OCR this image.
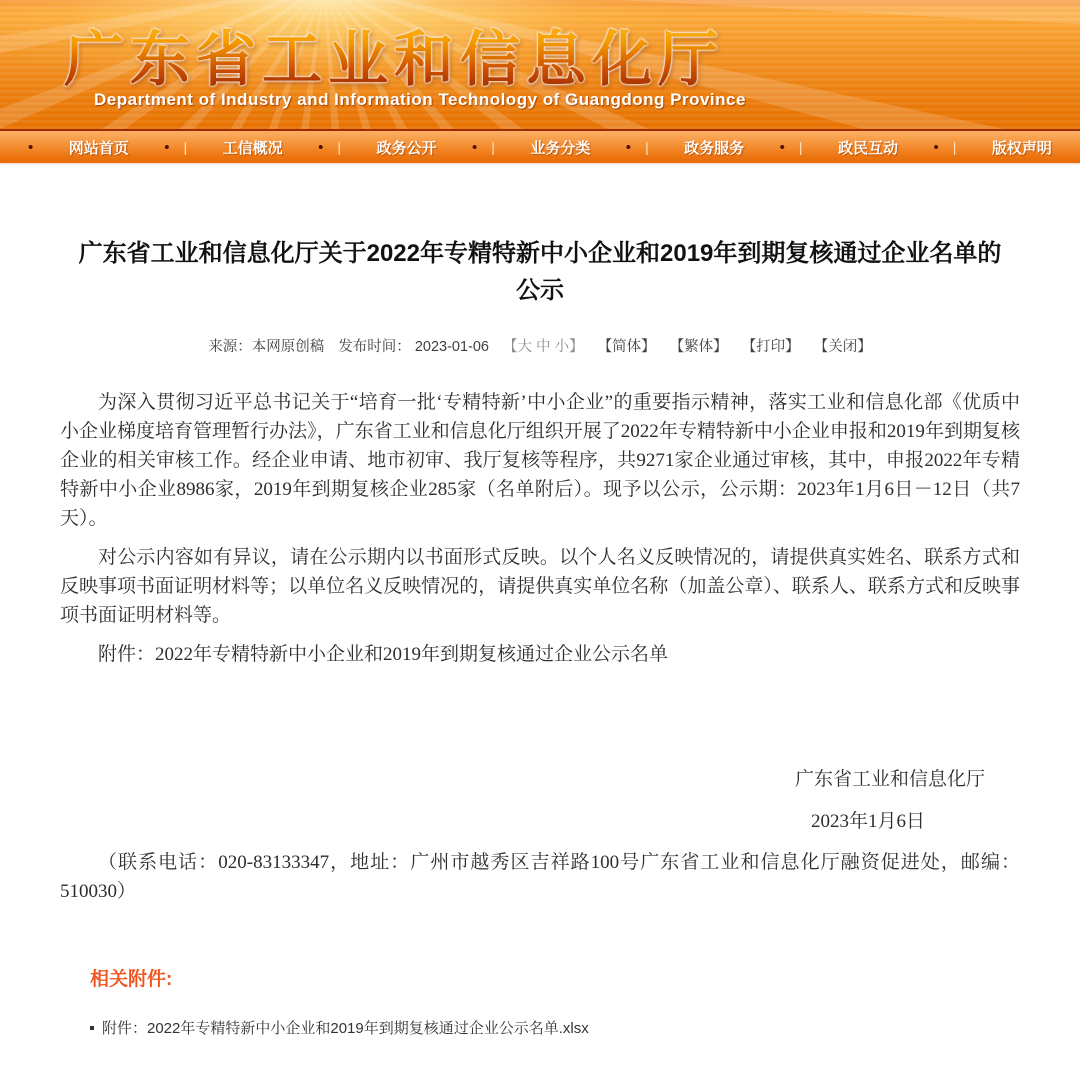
广东省工业和信息化厅
Department of Industry and Information Technology of Guangdong Province
• 网站首页 • | 工信概况 • | 政务公开 • | 业务分类 • | 政务服务 • | 政民互动 • | 版权声明
广东省工业和信息化厅关于2022年专精特新中小企业和2019年到期复核通过企业名单的公示
来源：本网原创稿 发布时间： 2023-01-06 【大 中 小】 【简体】 【繁体】 【打印】 【关闭】

为深入贯彻习近平总书记关于“培育一批‘专精特新’中小企业”的重要指示精神，落实工业和信息化部《优质中小企业梯度培育管理暂行办法》，广东省工业和信息化厅组织开展了2022年专精特新中小企业申报和2019年到期复核企业的相关审核工作。经企业申请、地市初审、我厅复核等程序，共9271家企业通过审核，其中，申报2022年专精特新中小企业8986家，2019年到期复核企业285家（名单附后）。现予以公示，公示期：2023年1月6日－12日（共7天）。

对公示内容如有异议，请在公示期内以书面形式反映。以个人名义反映情况的，请提供真实姓名、联系方式和反映事项书面证明材料等；以单位名义反映情况的，请提供真实单位名称（加盖公章）、联系人、联系方式和反映事项书面证明材料等。

附件：2022年专精特新中小企业和2019年到期复核通过企业公示名单

广东省工业和信息化厅

2023年1月6日

（联系电话：020-83133347，地址：广州市越秀区吉祥路100号广东省工业和信息化厅融资促进处，邮编：510030）

相关附件:
附件：2022年专精特新中小企业和2019年到期复核通过企业公示名单.xlsx
